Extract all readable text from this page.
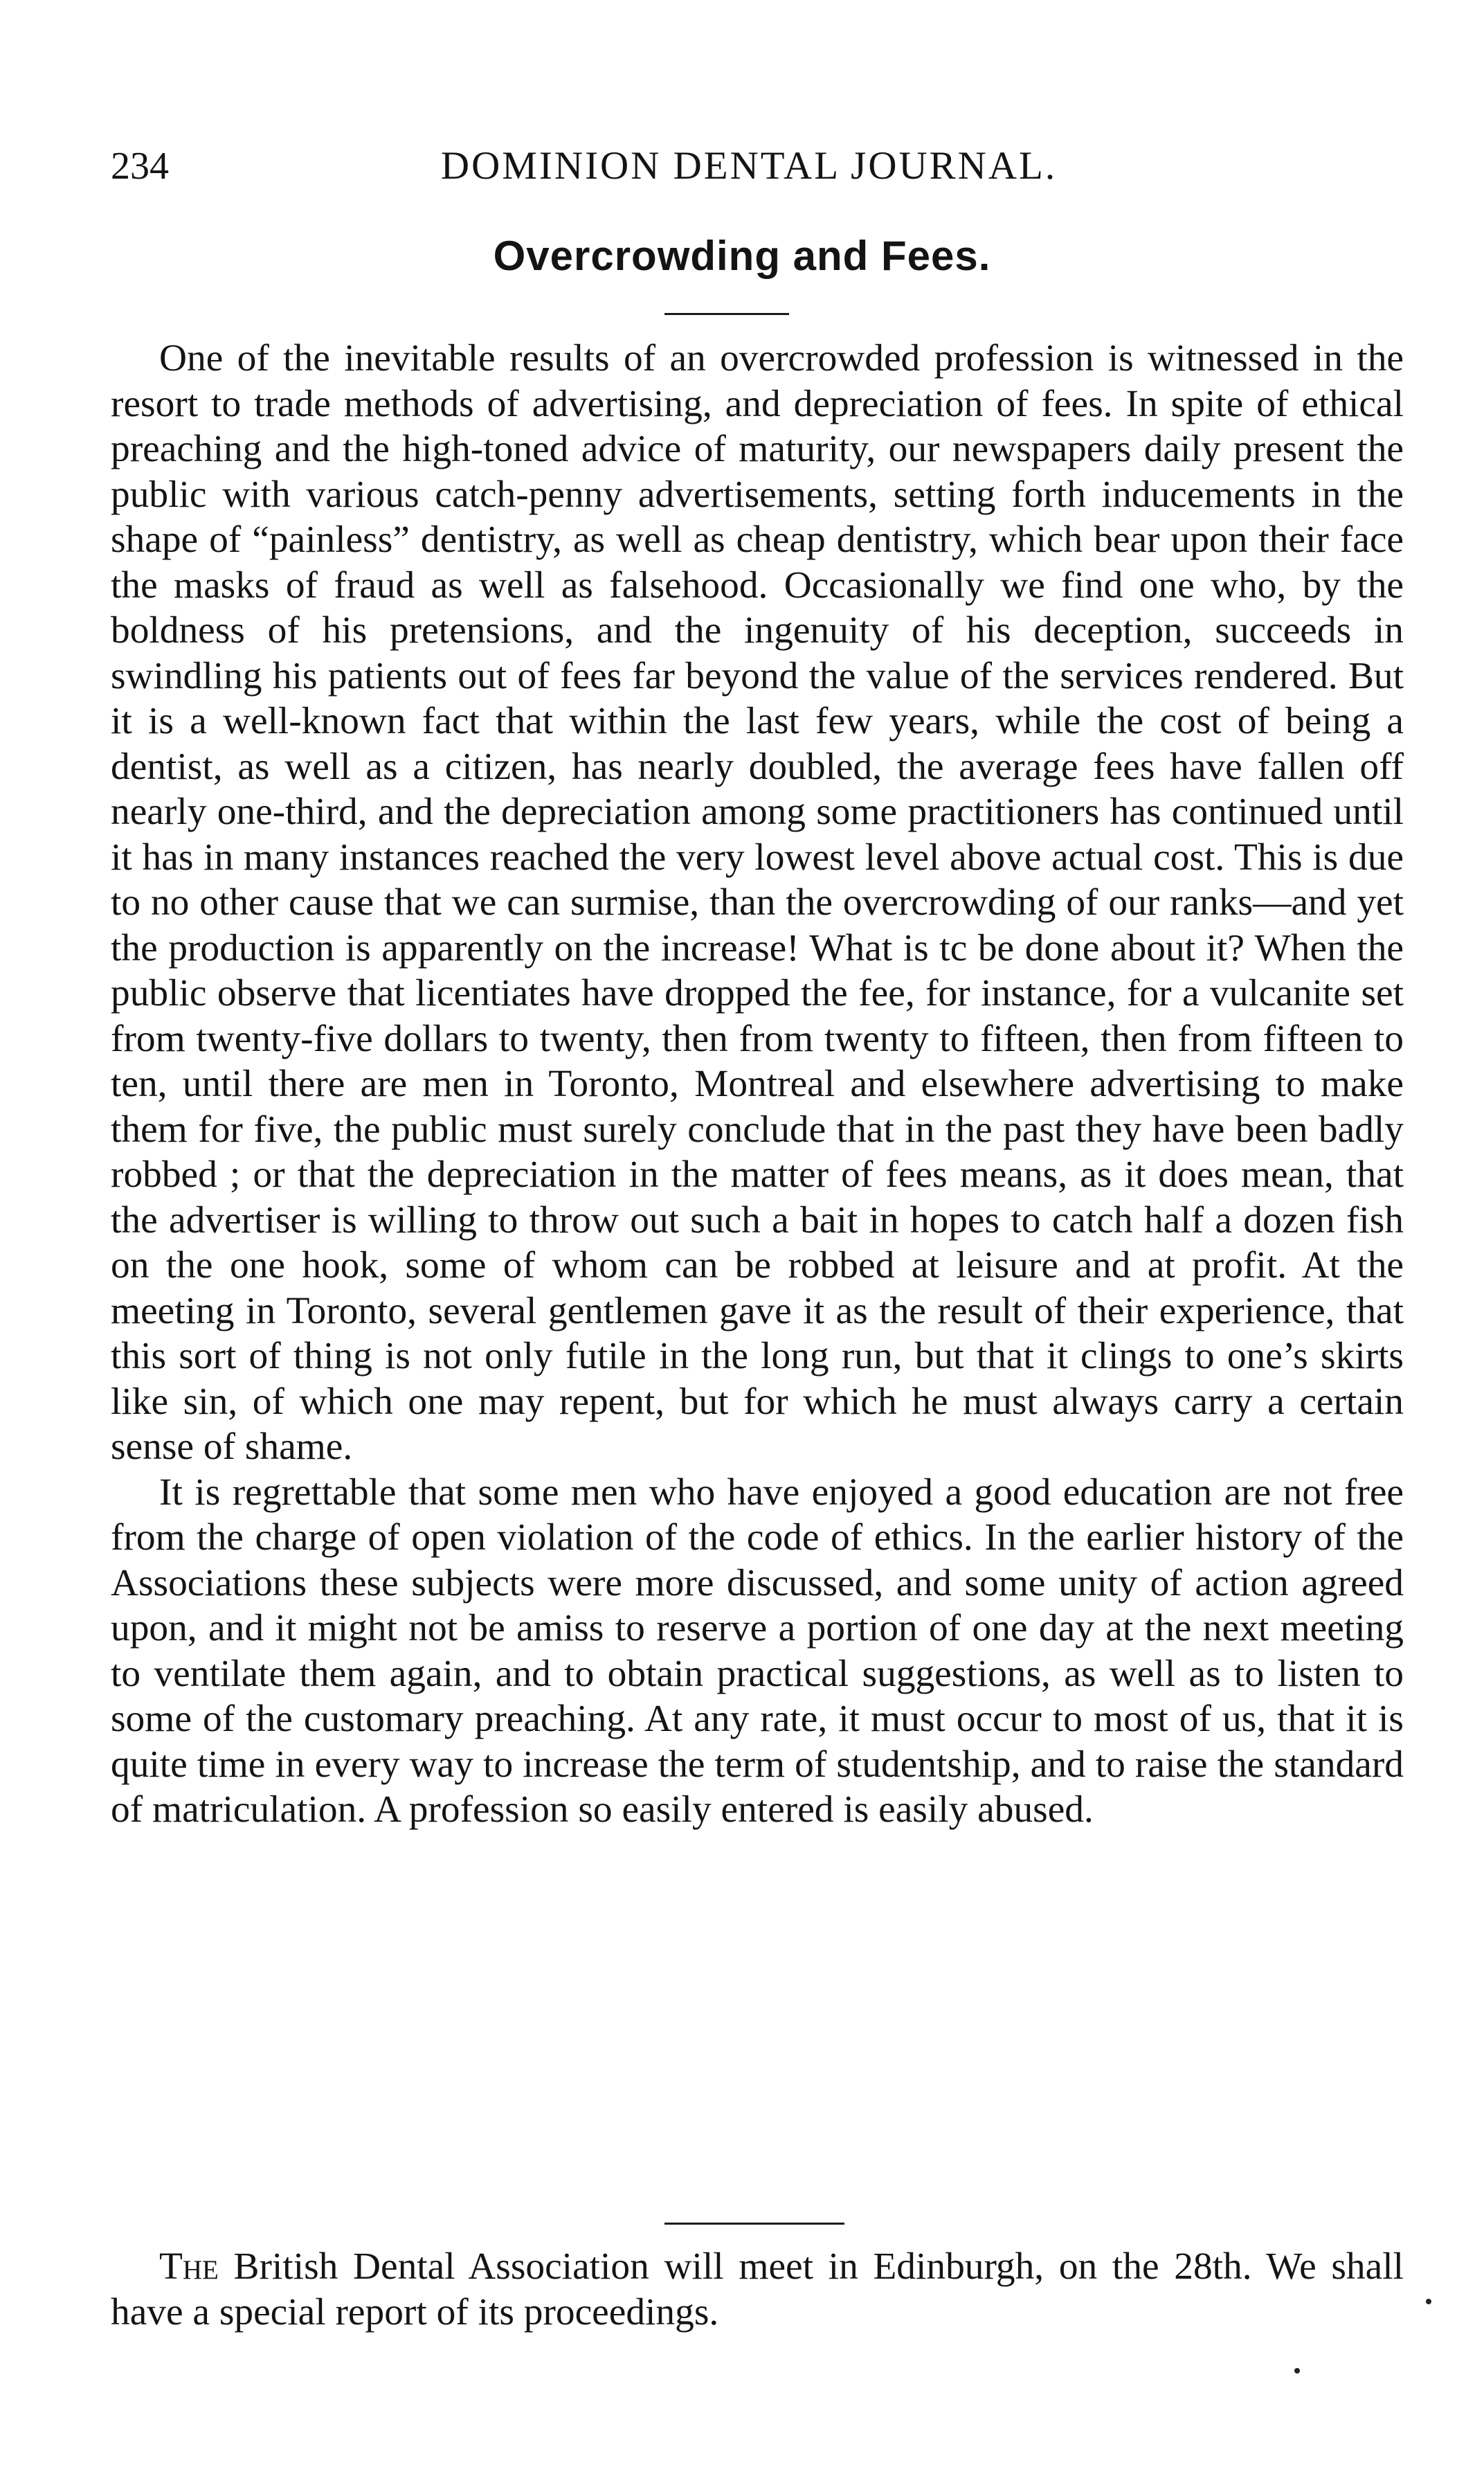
234	DOMINION DENTAL JOURNAL.
Overcrowding and Fees.

One of the inevitable results of an overcrowded profession is witnessed in the resort to trade methods of advertising, and depreciation of fees. In spite of ethical preaching and the high-toned advice of maturity, our newspapers daily present the public with various catch-penny advertisements, setting forth inducements in the shape of “painless” dentistry, as well as cheap dentistry, which bear upon their face the masks of fraud as well as falsehood. Occasionally we find one who, by the boldness of his pretensions, and the ingenuity of his deception, succeeds in swindling his patients out of fees far beyond the value of the services rendered. But it is a well-known fact that within the last few years, while the cost of being a dentist, as well as a citizen, has nearly doubled, the average fees have fallen off nearly one-third, and the depreciation among some practitioners has continued until it has in many instances reached the very lowest level above actual cost. This is due to no other cause that we can surmise, than the overcrowding of our ranks—and yet the production is apparently on the increase! What is tc be done about it? When the public observe that licentiates have dropped the fee, for instance, for a vulcanite set from twenty-five dollars to twenty, then from twenty to fifteen, then from fifteen to ten, until there are men in Toronto, Montreal and elsewhere advertising to make them for five, the public must surely conclude that in the past they have been badly robbed ; or that the depreciation in the matter of fees means, as it does mean, that the advertiser is willing to throw out such a bait in hopes to catch half a dozen fish on the one hook, some of whom can be robbed at leisure and at profit. At the meeting in Toronto, several gentlemen gave it as the result of their experience, that this sort of thing is not only futile in the long run, but that it clings to one’s skirts like sin, of which one may repent, but for which he must always carry a certain sense of shame.

It is regrettable that some men who have enjoyed a good education are not free from the charge of open violation of the code of ethics. In the earlier history of the Associations these subjects were more discussed, and some unity of action agreed upon, and it might not be amiss to reserve a portion of one day at the next meeting to ventilate them again, and to obtain practical suggestions, as well as to listen to some of the customary preaching. At any rate, it must occur to most of us, that it is quite time in every way to increase the term of studentship, and to raise the standard of matriculation. A profession so easily entered is easily abused.

The British Dental Association will meet in Edinburgh, on the 28th. We shall have a special report of its proceedings.
